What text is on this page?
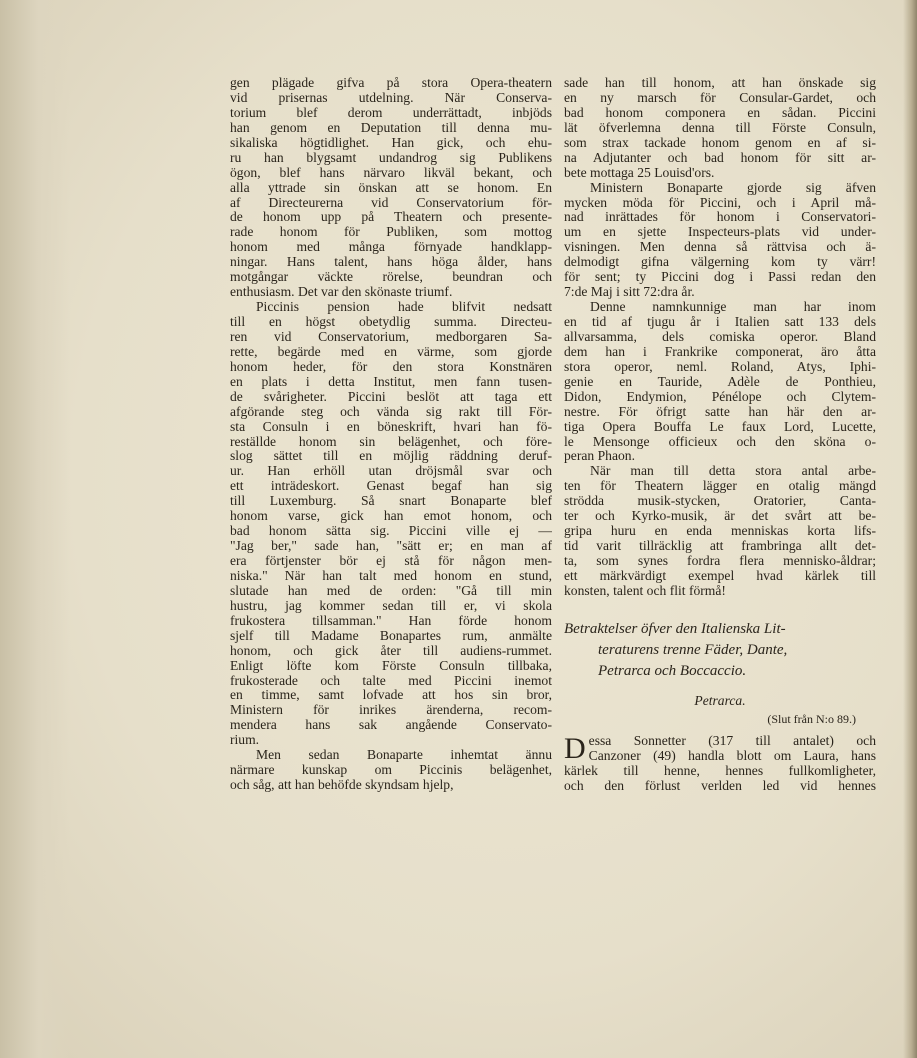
gen plägade gifva på stora Opera-theatern
vid prisernas utdelning. När Conserva-
torium blef derom underrättadt, inbjöds
han genom en Deputation till denna mu-
sikaliska högtidlighet. Han gick, och ehu-
ru han blygsamt undandrog sig Publikens
ögon, blef hans närvaro likväl bekant, och
alla yttrade sin önskan att se honom. En
af Directeurerna vid Conservatorium för-
de honom upp på Theatern och presente-
rade honom för Publiken, som mottog
honom med många förnyade handklapp-
ningar. Hans talent, hans höga ålder, hans
motgångar väckte rörelse, beundran och
enthusiasm. Det var den skönaste triumf.
Piccinis pension hade blifvit nedsatt
till en högst obetydlig summa. Directeu-
ren vid Conservatorium, medborgaren Sa-
rette, begärde med en värme, som gjorde
honom heder, för den stora Konstnären
en plats i detta Institut, men fann tusen-
de svårigheter. Piccini beslöt att taga ett
afgörande steg och vända sig rakt till För-
sta Consuln i en böneskrift, hvari han fö-
reställde honom sin belägenhet, och före-
slog sättet till en möjlig räddning deruf-
ur. Han erhöll utan dröjsmål svar och
ett inträdeskort. Genast begaf han sig
till Luxemburg. Så snart Bonaparte blef
honom varse, gick han emot honom, och
bad honom sätta sig. Piccini ville ej —
"Jag ber," sade han, "sätt er; en man af
era förtjenster bör ej stå för någon men-
niska." När han talt med honom en stund,
slutade han med de orden: "Gå till min
hustru, jag kommer sedan till er, vi skola
frukostera tillsamman." Han förde honom
sjelf till Madame Bonapartes rum, anmälte
honom, och gick åter till audiens-rummet.
Enligt löfte kom Förste Consuln tillbaka,
frukosterade och talte med Piccini inemot
en timme, samt lofvade att hos sin bror,
Ministern för inrikes ärenderna, recom-
mendera hans sak angående Conservato-
rium.
Men sedan Bonaparte inhemtat ännu
närmare kunskap om Piccinis belägenhet,
och såg, att han behöfde skyndsam hjelp,
sade han till honom, att han önskade sig
en ny marsch för Consular-Gardet, och
bad honom componera en sådan. Piccini
lät öfverlemna denna till Förste Consuln,
som strax tackade honom genom en af si-
na Adjutanter och bad honom för sitt ar-
bete mottaga 25 Louisd'ors.
Ministern Bonaparte gjorde sig äfven
mycken möda för Piccini, och i April må-
nad inrättades för honom i Conservatori-
um en sjette Inspecteurs-plats vid under-
visningen. Men denna så rättvisa och ä-
delmodigt gifna välgerning kom ty värr!
för sent; ty Piccini dog i Passi redan den
7:de Maj i sitt 72:dra år.
Denne namnkunnige man har inom
en tid af tjugu år i Italien satt 133 dels
allvarsamma, dels comiska operor. Bland
dem han i Frankrike componerat, äro åtta
stora operor, neml. Roland, Atys, Iphi-
genie en Tauride, Adèle de Ponthieu,
Didon, Endymion, Pénélope och Clytem-
nestre. För öfrigt satte han här den ar-
tiga Opera Bouffa Le faux Lord, Lucette,
le Mensonge officieux och den sköna o-
peran Phaon.
När man till detta stora antal arbe-
ten för Theatern lägger en otalig mängd
strödda musik-stycken, Oratorier, Canta-
ter och Kyrko-musik, är det svårt att be-
gripa huru en enda menniskas korta lifs-
tid varit tillräcklig att frambringa allt det-
ta, som synes fordra flera mennisko-åldrar;
ett märkvärdigt exempel hvad kärlek till
konsten, talent och flit förmå!
Betraktelser öfver den Italienska Lit-
teraturens trenne Fäder, Dante,
Petrarca och Boccaccio.
Petrarca.
(Slut från N:o 89.)
D essa Sonnetter (317 till antalet) och
Canzoner (49) handla blott om Laura, hans
kärlek till henne, hennes fullkomligheter,
och den förlust verlden led vid hennes
